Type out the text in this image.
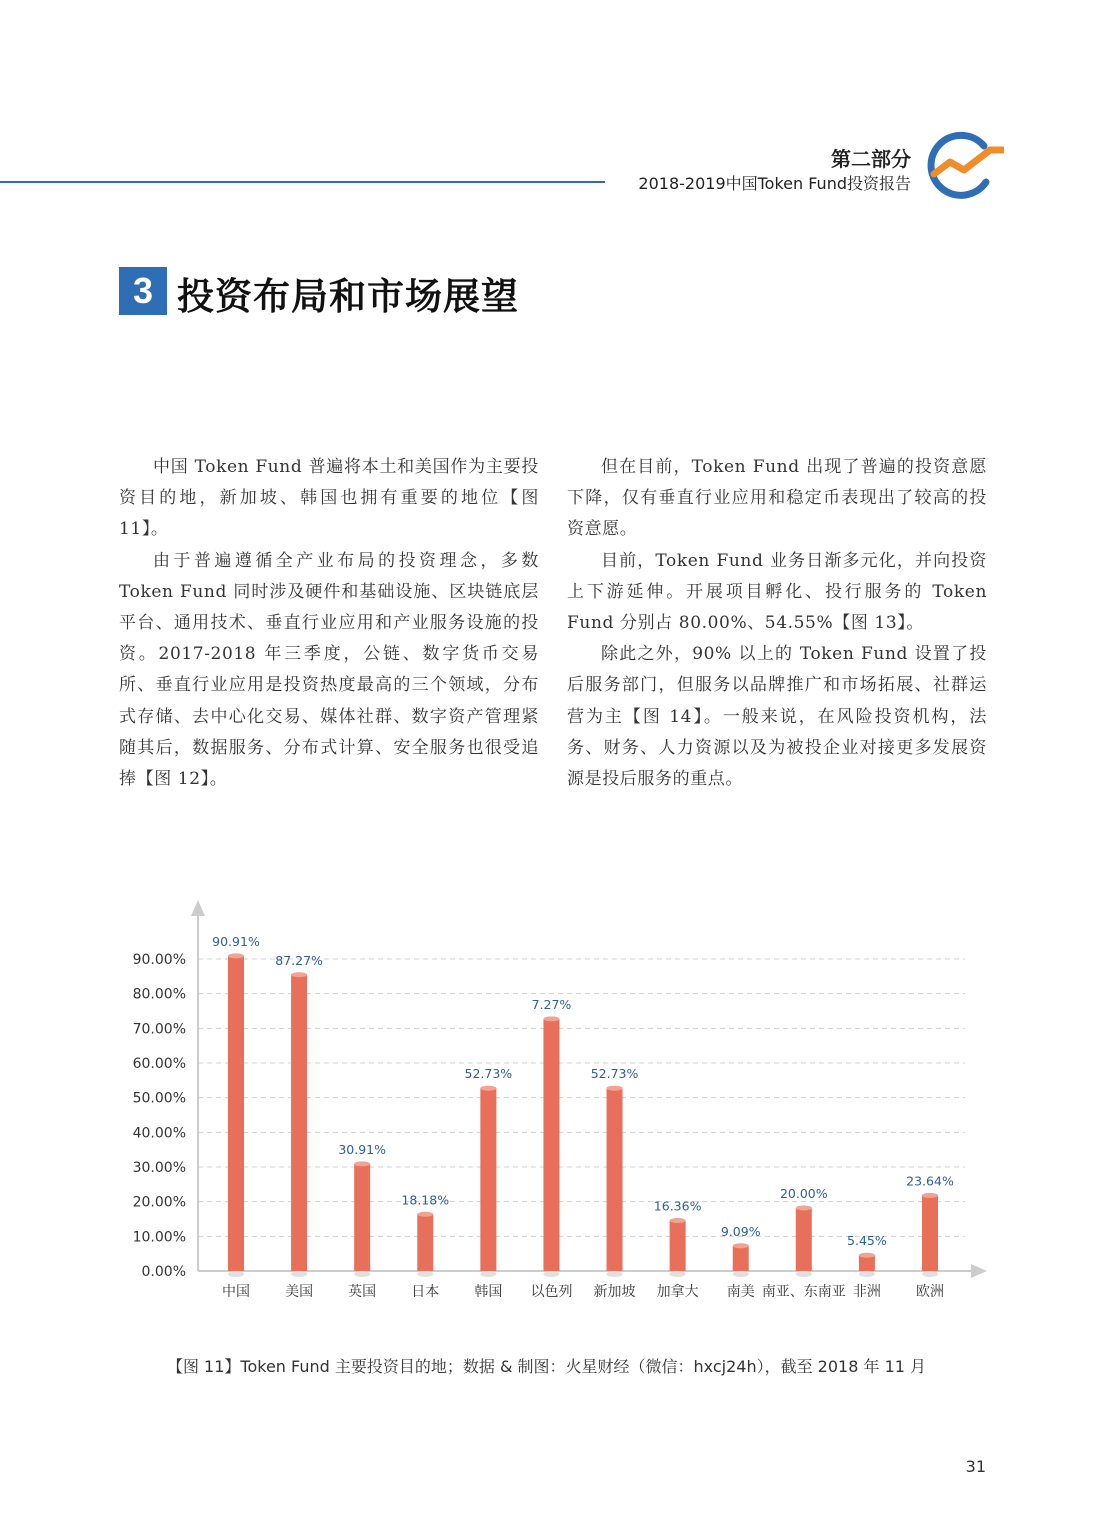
第二部分
2018-2019中国Token Fund投资报告
3 投资布局和市场展望

中国 Token Fund 普遍将本土和美国作为主要投资目的地，新加坡、韩国也拥有重要的地位【图 11】。

由于普遍遵循全产业布局的投资理念，多数 Token Fund 同时涉及硬件和基础设施、区块链底层平台、通用技术、垂直行业应用和产业服务设施的投资。2017-2018 年三季度，公链、数字货币交易所、垂直行业应用是投资热度最高的三个领域，分布式存储、去中心化交易、媒体社群、数字资产管理紧随其后，数据服务、分布式计算、安全服务也很受追捧【图 12】。

但在目前，Token Fund 出现了普遍的投资意愿下降，仅有垂直行业应用和稳定币表现出了较高的投资意愿。

目前，Token Fund 业务日渐多元化，并向投资上下游延伸。开展项目孵化、投行服务的 Token Fund 分别占 80.00%、54.55%【图 13】。

除此之外，90% 以上的 Token Fund 设置了投后服务部门，但服务以品牌推广和市场拓展、社群运营为主【图 14】。一般来说，在风险投资机构，法务、财务、人力资源以及为被投企业对接更多发展资源是投后服务的重点。

0.00%
10.00%
20.00%
30.00%
40.00%
50.00%
60.00%
70.00%
80.00%
90.00%
90.91%
中国
87.27%
美国
30.91%
英国
18.18%
日本
52.73%
韩国
7.27%
以色列
52.73%
新加坡
16.36%
加拿大
9.09%
南美
20.00%
南亚、东南亚
5.45%
非洲
23.64%
欧洲
【图 11】Token Fund 主要投资目的地；数据 & 制图：火星财经（微信：hxcj24h），截至 2018 年 11 月
31
